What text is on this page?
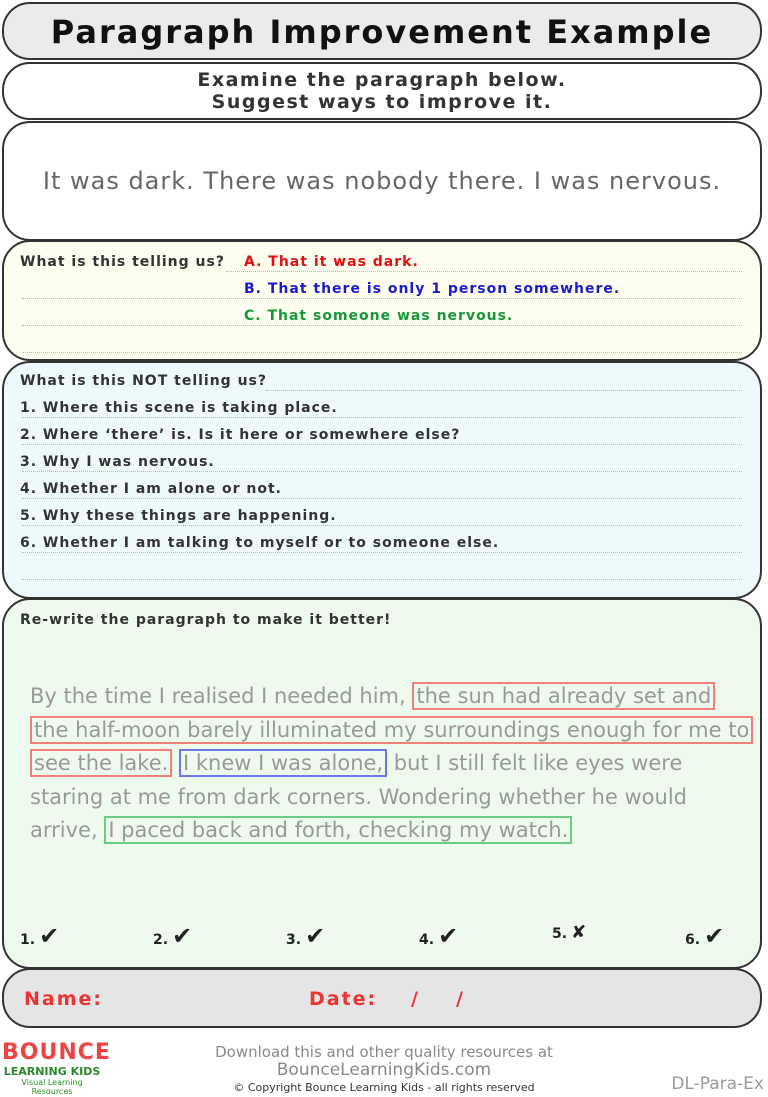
Paragraph Improvement Example
Examine the paragraph below.
Suggest ways to improve it.
It was dark. There was nobody there. I was nervous.
What is this telling us? A. That it was dark.
B. That there is only 1 person somewhere.
C. That someone was nervous.
What is this NOT telling us?
1. Where this scene is taking place.
2. Where ‘there’ is. Is it here or somewhere else?
3. Why I was nervous.
4. Whether I am alone or not.
5. Why these things are happening.
6. Whether I am talking to myself or to someone else.
Re-write the paragraph to make it better!
By the time I realised I needed him, the sun had already set and the half-moon barely illuminated my surroundings enough for me to see the lake. I knew I was alone, but I still felt like eyes were staring at me from dark corners. Wondering whether he would arrive, I paced back and forth, checking my watch.
1. ✔	2. ✔	3. ✔	4. ✔	5. ✘	6. ✔
Name:	Date: / /
BOUNCE
LEARNING KIDS
Visual Learning Resources
Download this and other quality resources at
BounceLearningKids.com
© Copyright Bounce Learning Kids - all rights reserved	DL-Para-Ex
